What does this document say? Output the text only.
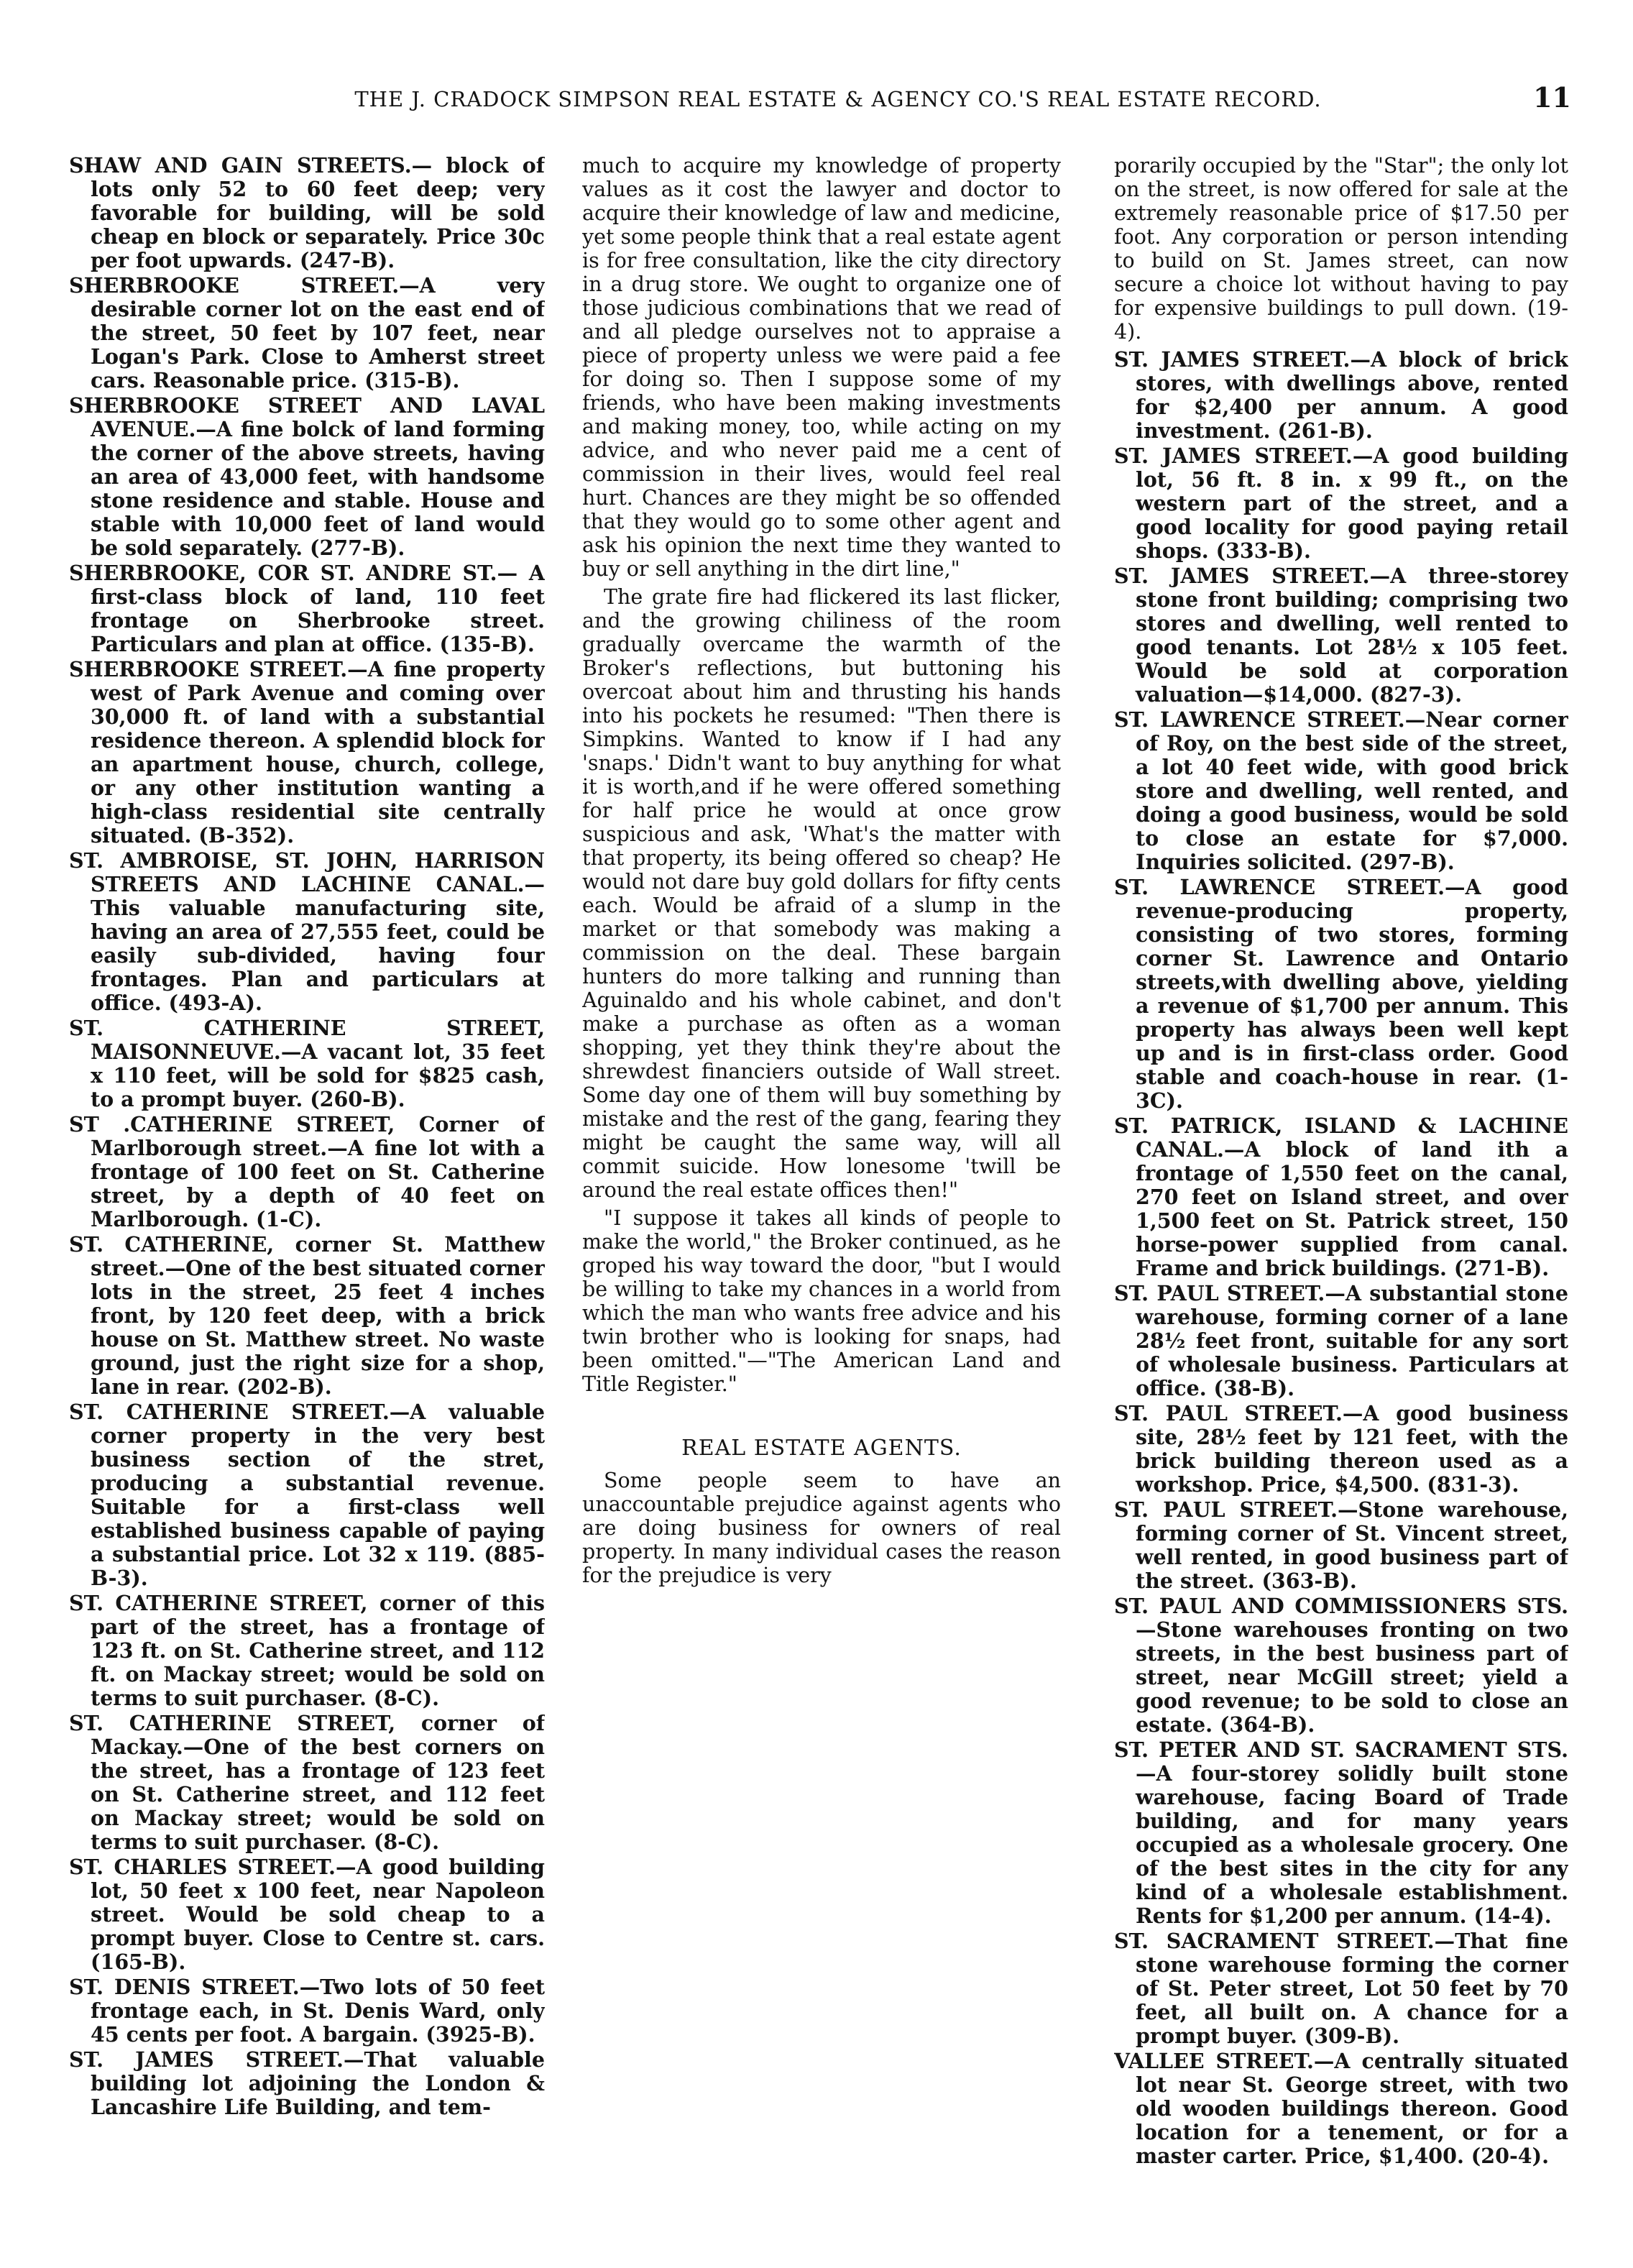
THE J. CRADOCK SIMPSON REAL ESTATE & AGENCY CO.'S REAL ESTATE RECORD.	11

SHAW AND GAIN STREETS.— block of lots only 52 to 60 feet deep; very favorable for building, will be sold cheap en block or separately. Price 30c per foot upwards. (247-B).

SHERBROOKE STREET.—A very desirable corner lot on the east end of the street, 50 feet by 107 feet, near Logan's Park. Close to Amherst street cars. Reasonable price. (315-B).

SHERBROOKE STREET AND LAVAL AVENUE.—A fine bolck of land forming the corner of the above streets, having an area of 43,000 feet, with handsome stone residence and stable. House and stable with 10,000 feet of land would be sold separately. (277-B).

SHERBROOKE, COR ST. ANDRE ST.— A first-class block of land, 110 feet frontage on Sherbrooke street. Particulars and plan at office. (135-B).

SHERBROOKE STREET.—A fine property west of Park Avenue and coming over 30,000 ft. of land with a substantial residence thereon. A splendid block for an apartment house, church, college, or any other institution wanting a high-class residential site centrally situated. (B-352).

ST. AMBROISE, ST. JOHN, HARRISON STREETS AND LACHINE CANAL.— This valuable manufacturing site, having an area of 27,555 feet, could be easily sub-divided, having four frontages. Plan and particulars at office. (493-A).

ST. CATHERINE STREET, MAISONNEUVE.—A vacant lot, 35 feet x 110 feet, will be sold for $825 cash, to a prompt buyer. (260-B).

ST .CATHERINE STREET, Corner of Marlborough street.—A fine lot with a frontage of 100 feet on St. Catherine street, by a depth of 40 feet on Marlborough. (1-C).

ST. CATHERINE, corner St. Matthew street.—One of the best situated corner lots in the street, 25 feet 4 inches front, by 120 feet deep, with a brick house on St. Matthew street. No waste ground, just the right size for a shop, lane in rear. (202-B).

ST. CATHERINE STREET.—A valuable corner property in the very best business section of the stret, producing a substantial revenue. Suitable for a first-class well established business capable of paying a substantial price. Lot 32 x 119. (885-B-3).

ST. CATHERINE STREET, corner of this part of the street, has a frontage of 123 ft. on St. Catherine street, and 112 ft. on Mackay street; would be sold on terms to suit purchaser. (8-C).

ST. CATHERINE STREET, corner of Mackay.—One of the best corners on the street, has a frontage of 123 feet on St. Catherine street, and 112 feet on Mackay street; would be sold on terms to suit purchaser. (8-C).

ST. CHARLES STREET.—A good building lot, 50 feet x 100 feet, near Napoleon street. Would be sold cheap to a prompt buyer. Close to Centre st. cars. (165-B).

ST. DENIS STREET.—Two lots of 50 feet frontage each, in St. Denis Ward, only 45 cents per foot. A bargain. (3925-B).

ST. JAMES STREET.—That valuable building lot adjoining the London & Lancashire Life Building, and tem-

much to acquire my knowledge of property values as it cost the lawyer and doctor to acquire their knowledge of law and medicine, yet some people think that a real estate agent is for free consultation, like the city directory in a drug store. We ought to organize one of those judicious combinations that we read of and all pledge ourselves not to appraise a piece of property unless we were paid a fee for doing so. Then I suppose some of my friends, who have been making investments and making money, too, while acting on my advice, and who never paid me a cent of commission in their lives, would feel real hurt. Chances are they might be so offended that they would go to some other agent and ask his opinion the next time they wanted to buy or sell anything in the dirt line,"

The grate fire had flickered its last flicker, and the growing chiliness of the room gradually overcame the warmth of the Broker's reflections, but buttoning his overcoat about him and thrusting his hands into his pockets he resumed: "Then there is Simpkins. Wanted to know if I had any 'snaps.' Didn't want to buy anything for what it is worth,and if he were offered something for half price he would at once grow suspicious and ask, 'What's the matter with that property, its being offered so cheap? He would not dare buy gold dollars for fifty cents each. Would be afraid of a slump in the market or that somebody was making a commission on the deal. These bargain hunters do more talking and running than Aguinaldo and his whole cabinet, and don't make a purchase as often as a woman shopping, yet they think they're about the shrewdest financiers outside of Wall street. Some day one of them will buy something by mistake and the rest of the gang, fearing they might be caught the same way, will all commit suicide. How lonesome 'twill be around the real estate offices then!"

"I suppose it takes all kinds of people to make the world," the Broker continued, as he groped his way toward the door, "but I would be willing to take my chances in a world from which the man who wants free advice and his twin brother who is looking for snaps, had been omitted."—"The American Land and Title Register."

REAL ESTATE AGENTS.

Some people seem to have an unaccountable prejudice against agents who are doing business for owners of real property. In many individual cases the reason for the prejudice is very

porarily occupied by the "Star"; the only lot on the street, is now offered for sale at the extremely reasonable price of $17.50 per foot. Any corporation or person intending to build on St. James street, can now secure a choice lot without having to pay for expensive buildings to pull down. (19-4).

ST. JAMES STREET.—A block of brick stores, with dwellings above, rented for $2,400 per annum. A good investment. (261-B).

ST. JAMES STREET.—A good building lot, 56 ft. 8 in. x 99 ft., on the western part of the street, and a good locality for good paying retail shops. (333-B).

ST. JAMES STREET.—A three-storey stone front building; comprising two stores and dwelling, well rented to good tenants. Lot 28½ x 105 feet. Would be sold at corporation valuation—$14,000. (827-3).

ST. LAWRENCE STREET.—Near corner of Roy, on the best side of the street, a lot 40 feet wide, with good brick store and dwelling, well rented, and doing a good business, would be sold to close an estate for $7,000. Inquiries solicited. (297-B).

ST. LAWRENCE STREET.—A good revenue-producing property, consisting of two stores, forming corner St. Lawrence and Ontario streets,with dwelling above, yielding a revenue of $1,700 per annum. This property has always been well kept up and is in first-class order. Good stable and coach-house in rear. (1-3C).

ST. PATRICK, ISLAND & LACHINE CANAL.—A block of land ith a frontage of 1,550 feet on the canal, 270 feet on Island street, and over 1,500 feet on St. Patrick street, 150 horse-power supplied from canal. Frame and brick buildings. (271-B).

ST. PAUL STREET.—A substantial stone warehouse, forming corner of a lane 28½ feet front, suitable for any sort of wholesale business. Particulars at office. (38-B).

ST. PAUL STREET.—A good business site, 28½ feet by 121 feet, with the brick building thereon used as a workshop. Price, $4,500. (831-3).

ST. PAUL STREET.—Stone warehouse, forming corner of St. Vincent street, well rented, in good business part of the street. (363-B).

ST. PAUL AND COMMISSIONERS STS. —Stone warehouses fronting on two streets, in the best business part of street, near McGill street; yield a good revenue; to be sold to close an estate. (364-B).

ST. PETER AND ST. SACRAMENT STS.—A four-storey solidly built stone warehouse, facing Board of Trade building, and for many years occupied as a wholesale grocery. One of the best sites in the city for any kind of a wholesale establishment. Rents for $1,200 per annum. (14-4).

ST. SACRAMENT STREET.—That fine stone warehouse forming the corner of St. Peter street, Lot 50 feet by 70 feet, all built on. A chance for a prompt buyer. (309-B).

VALLEE STREET.—A centrally situated lot near St. George street, with two old wooden buildings thereon. Good location for a tenement, or for a master carter. Price, $1,400. (20-4).
